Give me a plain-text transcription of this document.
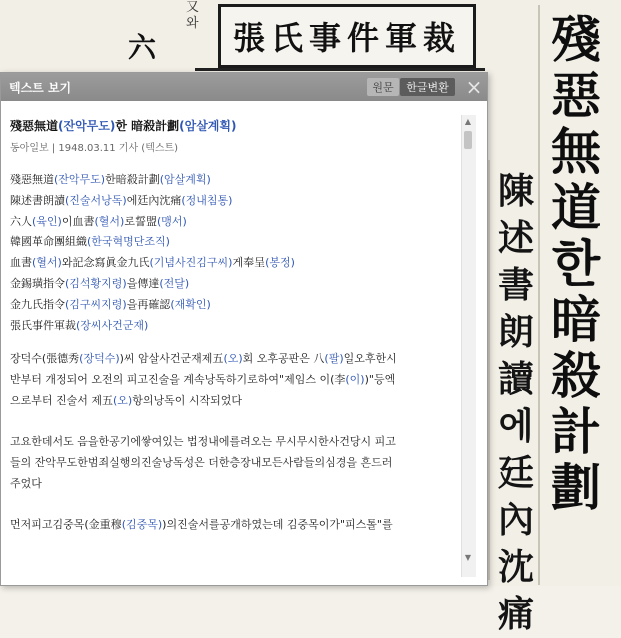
又 와
六	張氏事件軍裁	殘惡無道한暗殺計劃
陳述書朗讀에廷內沈痛
텍스트 보기	원문	한글변환 ×
殘惡無道(잔악무도)한 暗殺計劃(암살계획)
동아일보 | 1948.03.11 기사 (텍스트)
殘惡無道(잔악무도)한暗殺計劃(암살계획)
陳述書朗讀(진술서낭독)에廷內沈痛(정내침통)
六人(육인)이血書(혈서)로誓盟(맹서)
韓國革命團組織(한국혁명단조직)
血書(혈서)와記念寫眞金九氏(기념사진김구씨)게奉呈(봉정)
金錫璜指令(김석황지령)을傳達(전달)
金九氏指令(김구씨지령)을再確認(재확인)
張氏事件軍裁(장씨사건군재)

장덕수(張德秀(장덕수))씨 암살사건군재제五(오)회 오후공판은 八(팔)일오후한시
반부터 개정되어 오전의 피고진술을 계속낭독하기로하여"제임스 이(李(이))"등엑
으로부터 진술서 제五(오)항의낭독이 시작되었다

고요한데서도 음을한공기에쌓여있는 법정내에를려오는 무시무시한사건당시 피고
들의 잔악무도한범죄실행의진술낭독성은 더한층장내모든사람들의심경을 흔드러
주었다

먼저피고김중목(金重穆(김중목))의진술서를공개하였는데 김중목이가"피스톨"를

▲
▼
